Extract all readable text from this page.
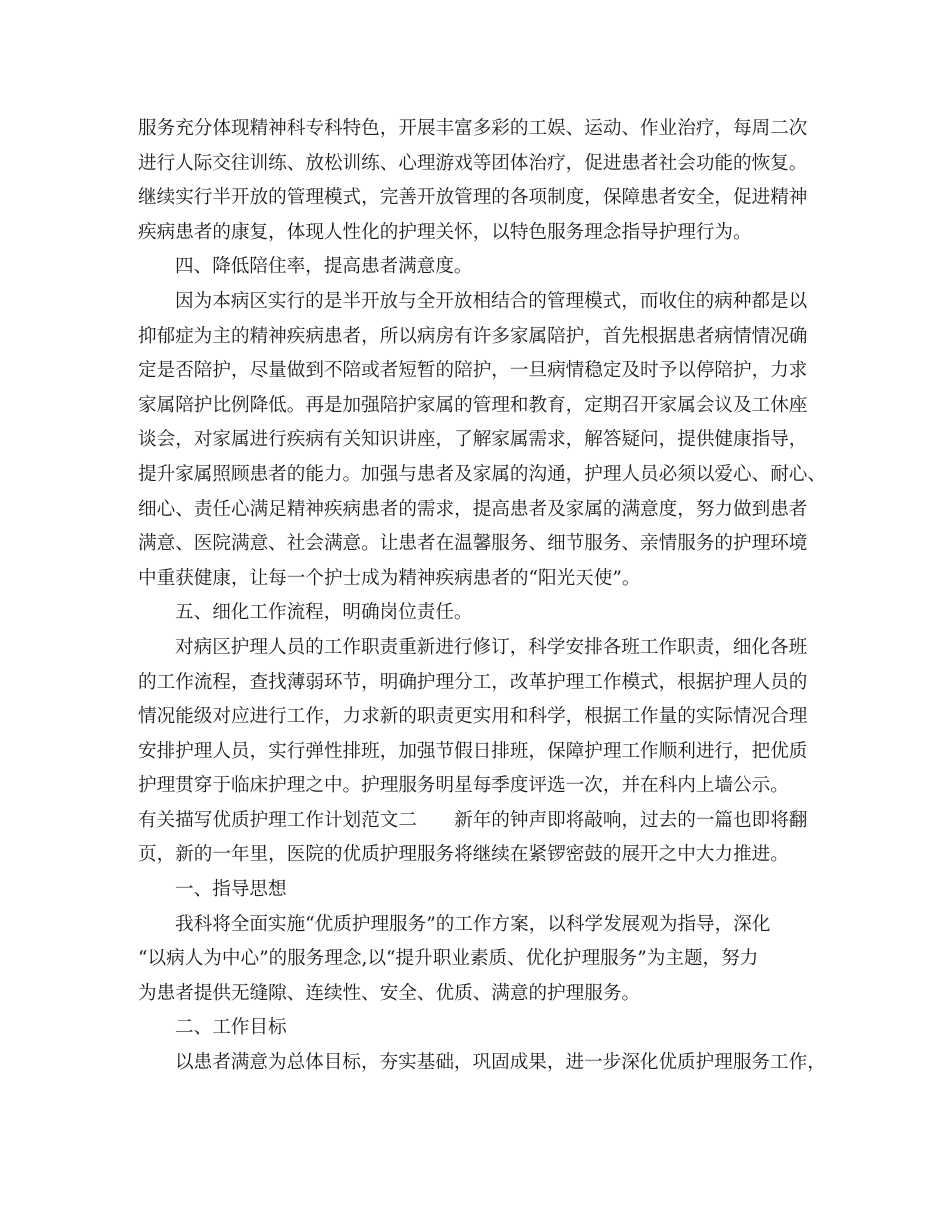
服务充分体现精神科专科特色，开展丰富多彩的工娱、运动、作业治疗，每周二次
进行人际交往训练、放松训练、心理游戏等团体治疗，促进患者社会功能的恢复。
继续实行半开放的管理模式，完善开放管理的各项制度，保障患者安全，促进精神
疾病患者的康复，体现人性化的护理关怀，以特色服务理念指导护理行为。
四、降低陪住率，提高患者满意度。
因为本病区实行的是半开放与全开放相结合的管理模式，而收住的病种都是以
抑郁症为主的精神疾病患者，所以病房有许多家属陪护，首先根据患者病情情况确
定是否陪护，尽量做到不陪或者短暂的陪护，一旦病情稳定及时予以停陪护，力求
家属陪护比例降低。再是加强陪护家属的管理和教育，定期召开家属会议及工休座
谈会，对家属进行疾病有关知识讲座，了解家属需求，解答疑问，提供健康指导，
提升家属照顾患者的能力。加强与患者及家属的沟通，护理人员必须以爱心、耐心、
细心、责任心满足精神疾病患者的需求，提高患者及家属的满意度，努力做到患者
满意、医院满意、社会满意。让患者在温馨服务、细节服务、亲情服务的护理环境
中重获健康，让每一个护士成为精神疾病患者的“阳光天使”。
五、细化工作流程，明确岗位责任。
对病区护理人员的工作职责重新进行修订，科学安排各班工作职责，细化各班
的工作流程，查找薄弱环节，明确护理分工，改革护理工作模式，根据护理人员的
情况能级对应进行工作，力求新的职责更实用和科学，根据工作量的实际情况合理
安排护理人员，实行弹性排班，加强节假日排班，保障护理工作顺利进行，把优质
护理贯穿于临床护理之中。护理服务明星每季度评选一次，并在科内上墙公示。
有关描写优质护理工作计划范文二　　新年的钟声即将敲响，过去的一篇也即将翻
页，新的一年里，医院的优质护理服务将继续在紧锣密鼓的展开之中大力推进。
一、指导思想
我科将全面实施“优质护理服务”的工作方案，以科学发展观为指导，深化
“以病人为中心”的服务理念,以“提升职业素质、优化护理服务”为主题，努力
为患者提供无缝隙、连续性、安全、优质、满意的护理服务。
二、工作目标
以患者满意为总体目标，夯实基础，巩固成果，进一步深化优质护理服务工作，
